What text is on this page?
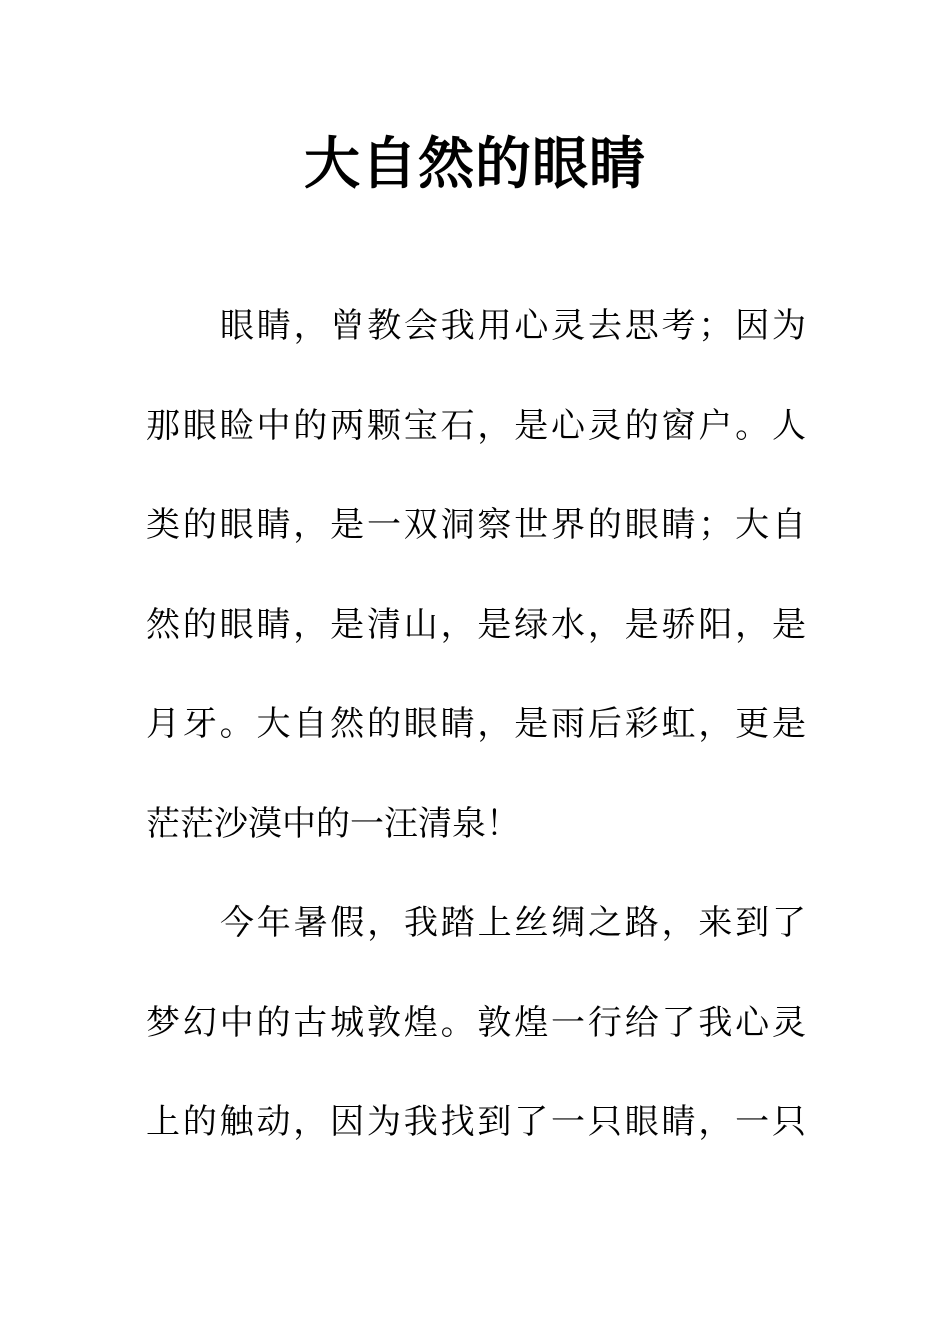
大自然的眼睛
眼睛，曾教会我用心灵去思考；因为
那眼睑中的两颗宝石，是心灵的窗户。人
类的眼睛，是一双洞察世界的眼睛；大自
然的眼睛，是清山，是绿水，是骄阳，是
月牙。大自然的眼睛，是雨后彩虹，更是
茫茫沙漠中的一汪清泉！
今年暑假，我踏上丝绸之路，来到了
梦幻中的古城敦煌。敦煌一行给了我心灵
上的触动，因为我找到了一只眼睛，一只
